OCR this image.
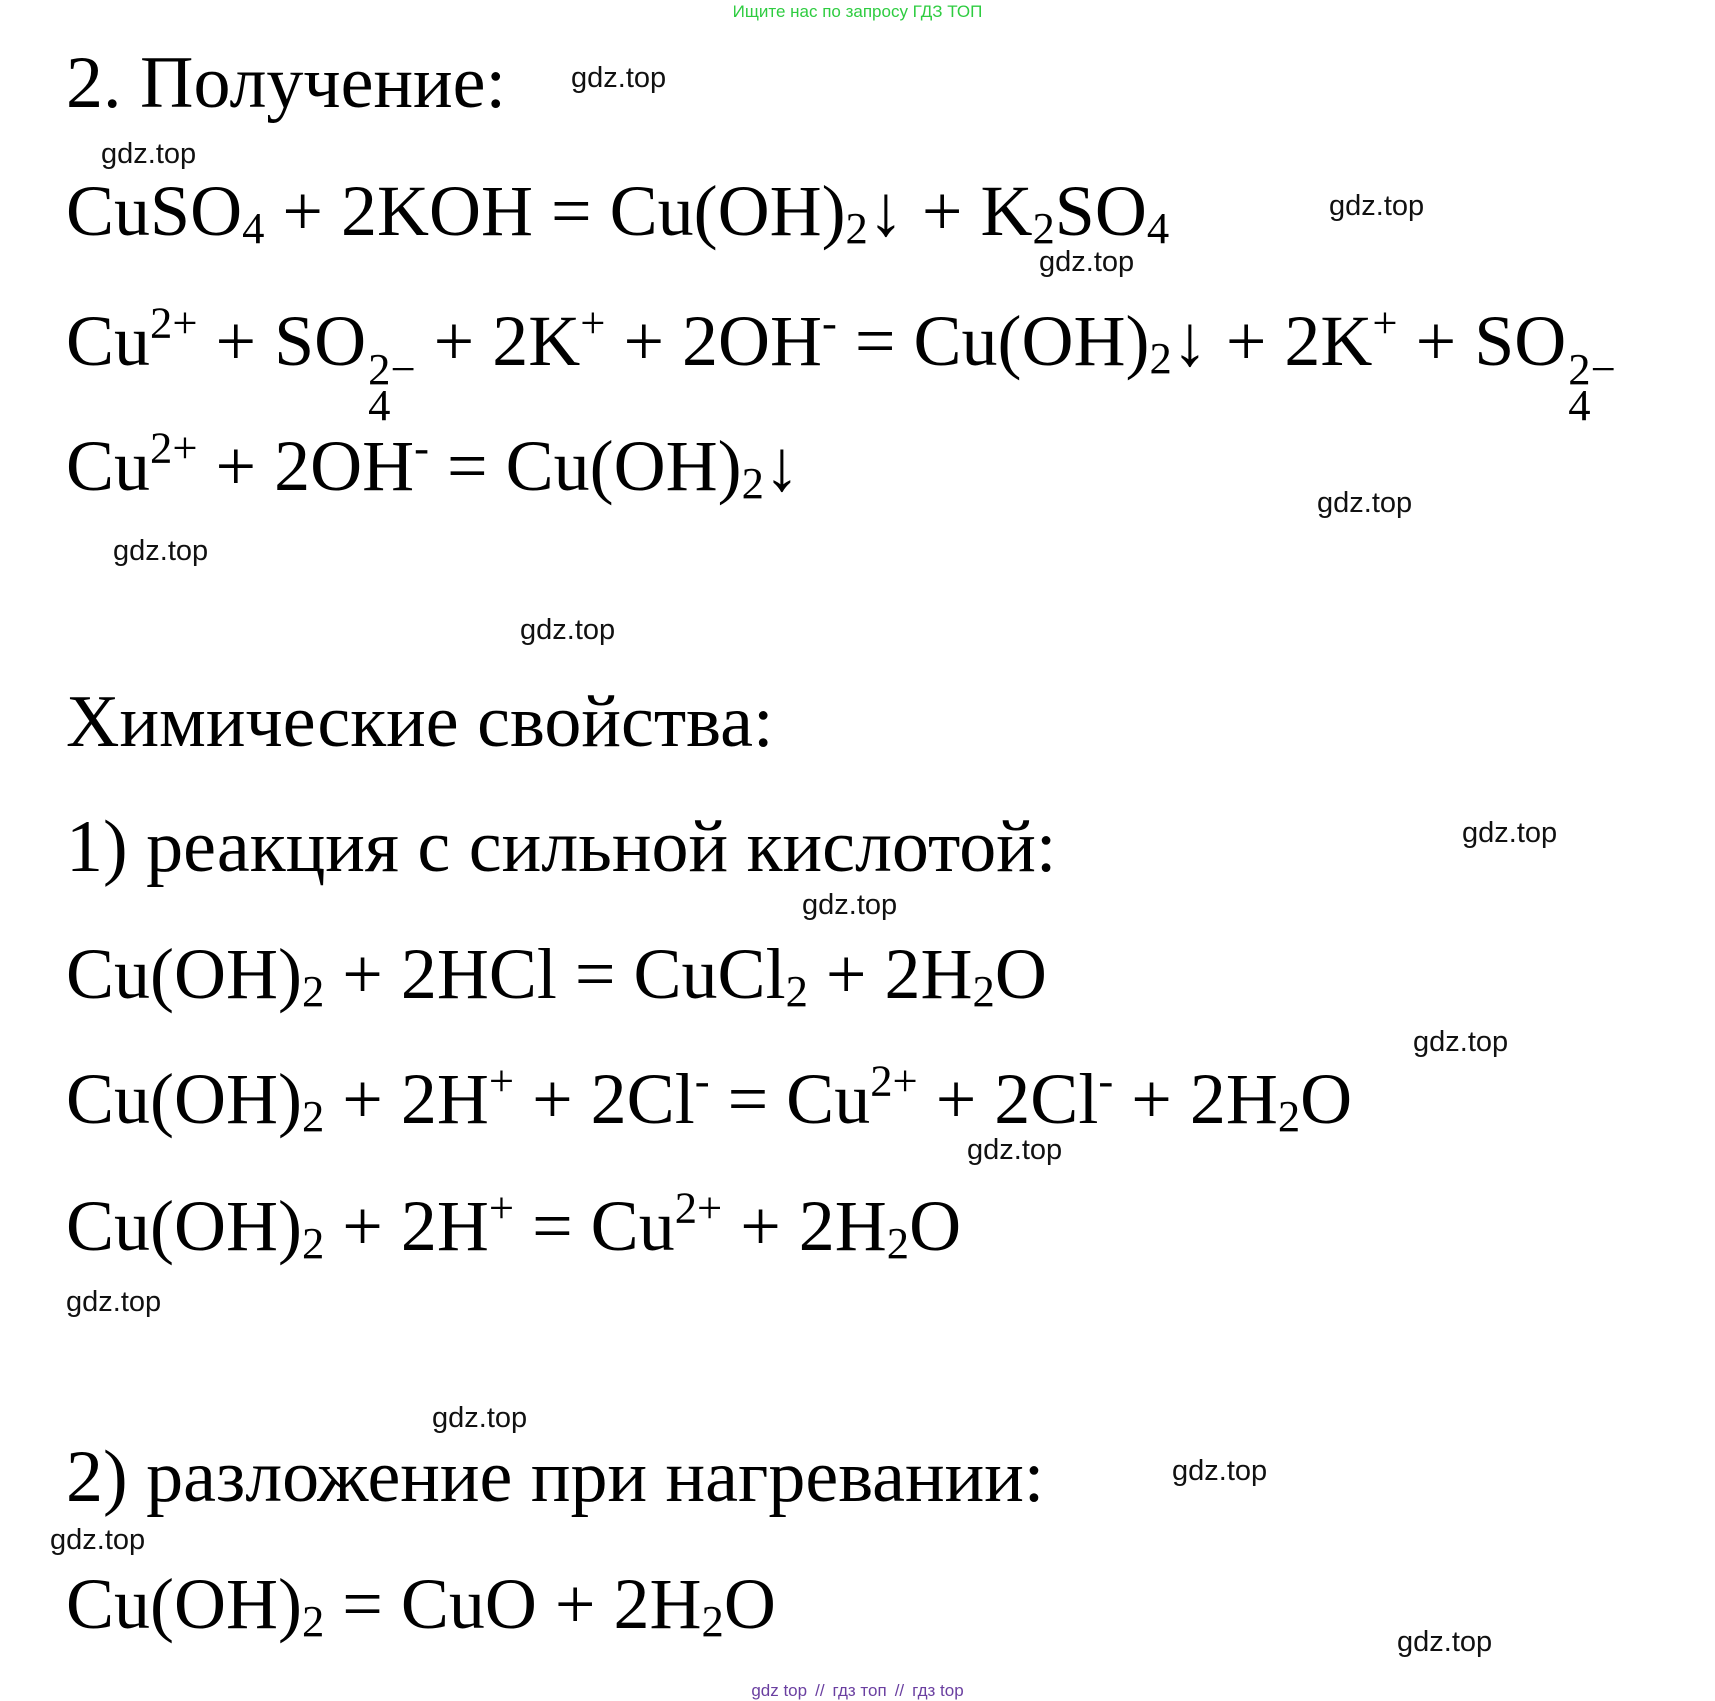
Ищите нас по запросу ГДЗ ТОП
2. Получение:
CuSO$_4$ + $2KOH = Cu(OH)_2↓ + K_2SO_4$
$Cu^{2+}$ + SO 2−
4
+ $2K^+ + 2OH^- = Cu(OH)_2↓ + 2K^+$ + SO 2−
4
$Cu^{2+} + 2OH^-$ = $Cu(OH)_2↓$
Химические свойства:
1) реакция с сильной кислотой:
$Cu(OH)_2 + 2HCl$ = CuCl$_2$ + $2H_2O$
$Cu(OH)_2 + 2H^+ + 2Cl^- = Cu^{2+} + 2Cl^- + 2H_2O$
$Cu(OH)_2 + 2H^+ = Cu^{2+} + 2H_2O$
2) разложение при нагревании:
$Cu(OH)_2$ = CuO + $2H_2O$
gdz.top
gdz.top
gdz.top
gdz.top
gdz.top
gdz.top
gdz.top
gdz.top
gdz.top
gdz.top
gdz.top
gdz.top
gdz.top
gdz.top
gdz.top
gdz.top
gdz top // гдз топ // гдз top
